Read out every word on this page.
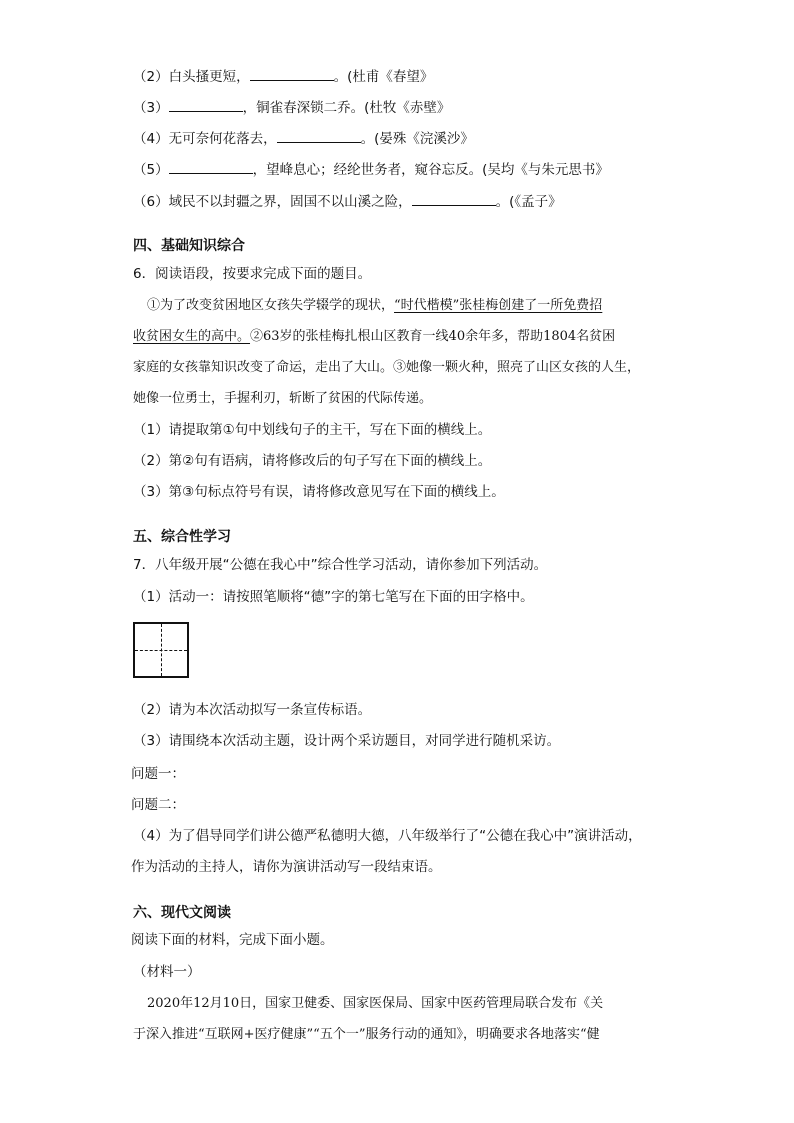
（2）白头搔更短，	。(杜甫《春望》
（3）	，铜雀春深锁二乔。(杜牧《赤壁》
（4）无可奈何花落去，	。(晏殊《浣溪沙》
（5）	，望峰息心；经纶世务者，窥谷忘反。(吴均《与朱元思书》
（6）域民不以封疆之界，固国不以山溪之险，	。(《孟子》
四、基础知识综合
6．阅读语段，按要求完成下面的题目。
①为了改变贫困地区女孩失学辍学的现状，“时代楷模”张桂梅创建了一所免费招
收贫困女生的高中。②63岁的张桂梅扎根山区教育一线40余年多，帮助1804名贫困
家庭的女孩靠知识改变了命运，走出了大山。③她像一颗火种，照亮了山区女孩的人生，
她像一位勇士，手握利刃，斩断了贫困的代际传递。
（1）请提取第①句中划线句子的主干，写在下面的横线上。
（2）第②句有语病，请将修改后的句子写在下面的横线上。
（3）第③句标点符号有误，请将修改意见写在下面的横线上。
五、综合性学习
7．八年级开展“公德在我心中”综合性学习活动，请你参加下列活动。
（1）活动一：请按照笔顺将“德”字的第七笔写在下面的田字格中。
（2）请为本次活动拟写一条宣传标语。
（3）请围绕本次活动主题，设计两个采访题目，对同学进行随机采访。
问题一：
问题二：
（4）为了倡导同学们讲公德严私德明大德，八年级举行了“公德在我心中”演讲活动，
作为活动的主持人，请你为演讲活动写一段结束语。
六、现代文阅读
阅读下面的材料，完成下面小题。
（材料一）
2020年12月10日，国家卫健委、国家医保局、国家中医药管理局联合发布《关
于深入推进“互联网+医疗健康”“五个一”服务行动的通知》，明确要求各地落实“健
